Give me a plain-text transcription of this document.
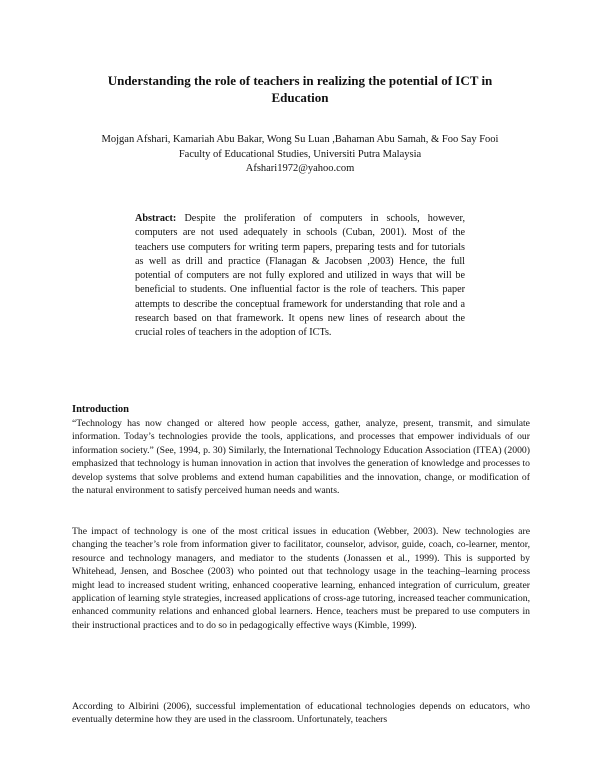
Understanding the role of teachers in realizing the potential of ICT in
Education
Mojgan Afshari, Kamariah Abu Bakar, Wong Su Luan ,Bahaman Abu Samah, & Foo Say Fooi
Faculty of Educational Studies, Universiti Putra Malaysia
Afshari1972@yahoo.com
Abstract: Despite the proliferation of computers in schools, however, computers are not used adequately in schools (Cuban, 2001). Most of the teachers use computers for writing term papers, preparing tests and for tutorials as well as drill and practice (Flanagan & Jacobsen ,2003) Hence, the full potential of computers are not fully explored and utilized in ways that will be beneficial to students. One influential factor is the role of teachers. This paper attempts to describe the conceptual framework for understanding that role and a research based on that framework. It opens new lines of research about the crucial roles of teachers in the adoption of ICTs.
Introduction
“Technology has now changed or altered how people access, gather, analyze, present, transmit, and simulate information. Today’s technologies provide the tools, applications, and processes that empower individuals of our information society.” (See, 1994, p. 30) Similarly, the International Technology Education Association (ITEA) (2000) emphasized that technology is human innovation in action that involves the generation of knowledge and processes to develop systems that solve problems and extend human capabilities and the innovation, change, or modification of the natural environment to satisfy perceived human needs and wants.
The impact of technology is one of the most critical issues in education (Webber, 2003). New technologies are changing the teacher’s role from information giver to facilitator, counselor, advisor, guide, coach, co-learner, mentor, resource and technology managers, and mediator to the students (Jonassen et al., 1999). This is supported by Whitehead, Jensen, and Boschee (2003) who pointed out that technology usage in the teaching–learning process might lead to increased student writing, enhanced cooperative learning, enhanced integration of curriculum, greater application of learning style strategies, increased applications of cross-age tutoring, increased teacher communication, enhanced community relations and enhanced global learners. Hence, teachers must be prepared to use computers in their instructional practices and to do so in pedagogically effective ways (Kimble, 1999).
According to Albirini (2006), successful implementation of educational technologies depends on educators, who eventually determine how they are used in the classroom. Unfortunately, teachers
